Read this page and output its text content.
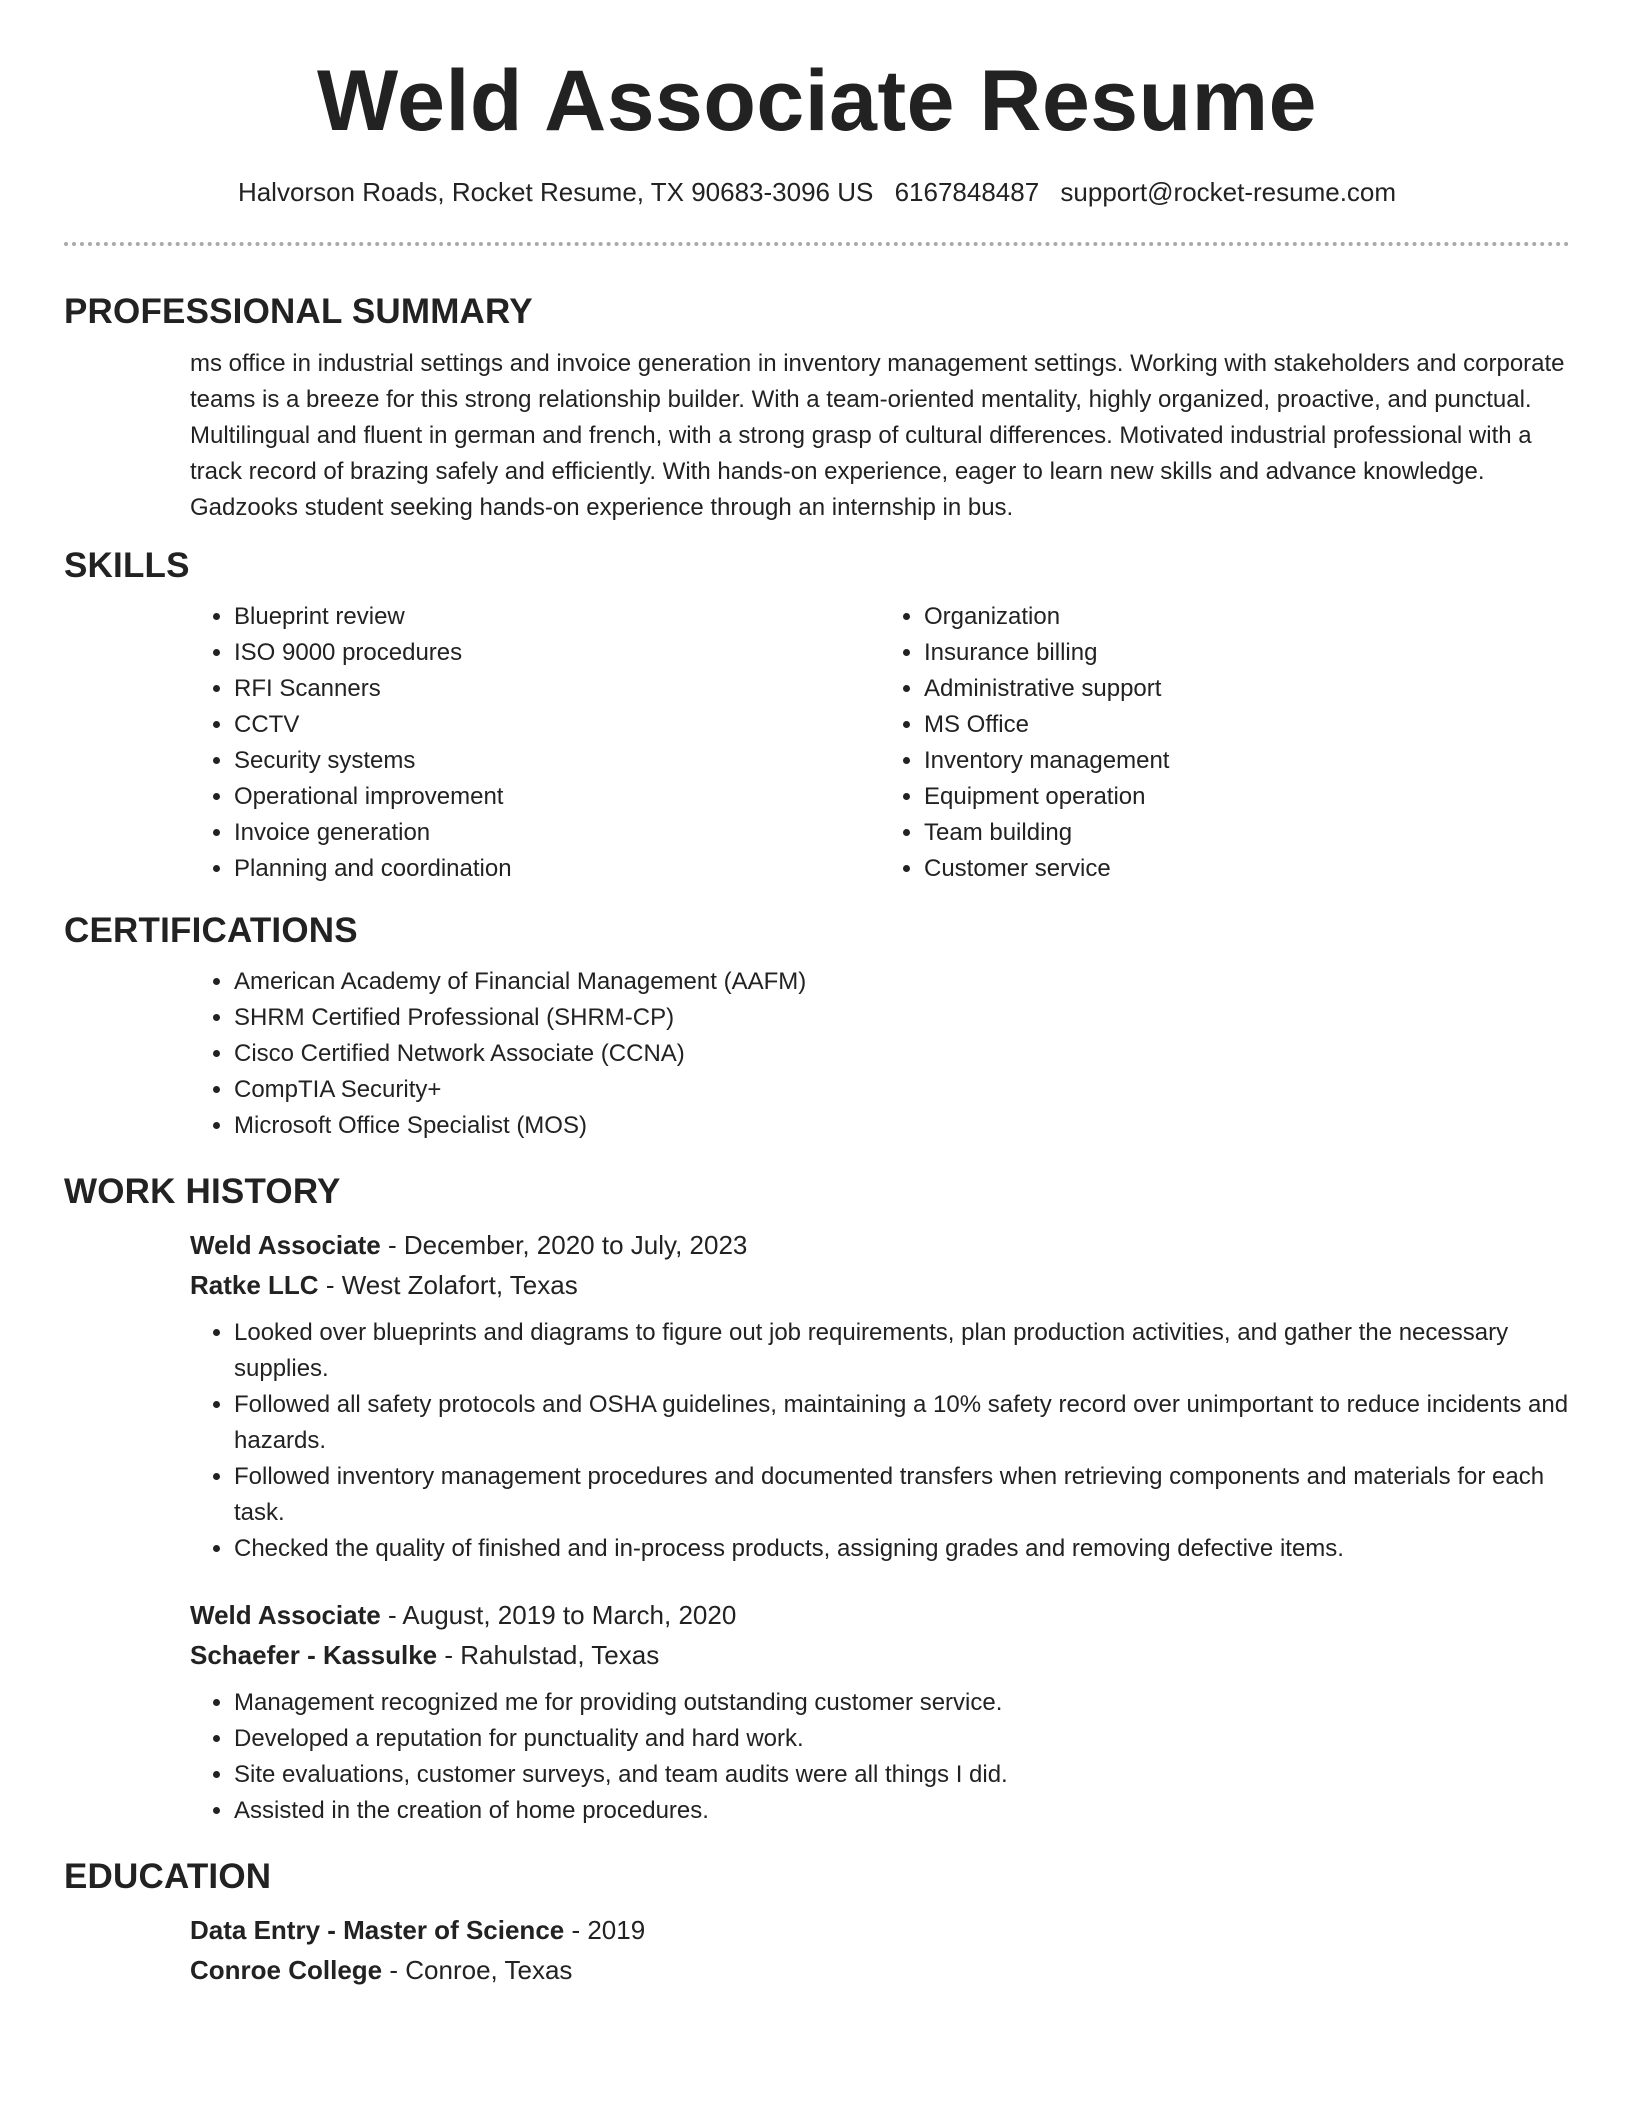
Weld Associate Resume
Halvorson Roads, Rocket Resume, TX 90683-3096 US 6167848487 support@rocket-resume.com
PROFESSIONAL SUMMARY

ms office in industrial settings and invoice generation in inventory management settings. Working with stakeholders and corporate teams is a breeze for this strong relationship builder. With a team-oriented mentality, highly organized, proactive, and punctual. Multilingual and fluent in german and french, with a strong grasp of cultural differences. Motivated industrial professional with a track record of brazing safely and efficiently. With hands-on experience, eager to learn new skills and advance knowledge. Gadzooks student seeking hands-on experience through an internship in bus.

SKILLS
• Blueprint review
• ISO 9000 procedures
• RFI Scanners
• CCTV
• Security systems
• Operational improvement
• Invoice generation
• Planning and coordination
• Organization
• Insurance billing
• Administrative support
• MS Office
• Inventory management
• Equipment operation
• Team building
• Customer service
CERTIFICATIONS
• American Academy of Financial Management (AAFM)
• SHRM Certified Professional (SHRM-CP)
• Cisco Certified Network Associate (CCNA)
• CompTIA Security+
• Microsoft Office Specialist (MOS)
WORK HISTORY
Weld Associate - December, 2020 to July, 2023
Ratke LLC - West Zolafort, Texas
• Looked over blueprints and diagrams to figure out job requirements, plan production activities, and gather the necessary supplies.
• Followed all safety protocols and OSHA guidelines, maintaining a 10% safety record over unimportant to reduce incidents and hazards.
• Followed inventory management procedures and documented transfers when retrieving components and materials for each task.
• Checked the quality of finished and in-process products, assigning grades and removing defective items.
Weld Associate - August, 2019 to March, 2020
Schaefer - Kassulke - Rahulstad, Texas
• Management recognized me for providing outstanding customer service.
• Developed a reputation for punctuality and hard work.
• Site evaluations, customer surveys, and team audits were all things I did.
• Assisted in the creation of home procedures.
EDUCATION
Data Entry - Master of Science - 2019
Conroe College - Conroe, Texas
